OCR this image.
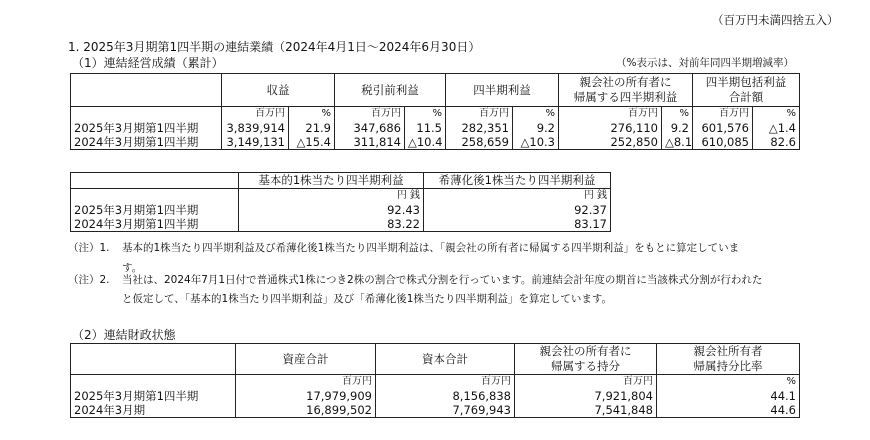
（百万円未満四捨五入）
1. 2025年3月期第1四半期の連結業績（2024年4月1日～2024年6月30日）
（1）連結経営成績（累計）	（%表示は、対前年同四半期増減率）
	収益		税引前利益		四半期利益		親会社の所有者に
帰属する四半期利益		四半期包括利益
合計額	
	百万円	%	百万円	%	百万円	%	百万円	%	百万円	%
2025年3月期第1四半期	3,839,914	21.9	347,686	11.5	282,351	9.2	276,110	9.2	601,576	△1.4
2024年3月期第1四半期	3,149,131	△15.4	311,814	△10.4	258,659	△10.3	252,850	△8.1	610,085	82.6
	基本的1株当たり四半期利益	希薄化後1株当たり四半期利益
	円 銭	円 銭
2025年3月期第1四半期	92.43	92.37
2024年3月期第1四半期	83.22	83.17
（注）1. 基本的1株当たり四半期利益及び希薄化後1株当たり四半期利益は、「親会社の所有者に帰属する四半期利益」をもとに算定していま
す。
（注）2. 当社は、2024年7月1日付で普通株式1株につき2株の割合で株式分割を行っています。前連結会計年度の期首に当該株式分割が行われた
と仮定して、「基本的1株当たり四半期利益」及び「希薄化後1株当たり四半期利益」を算定しています。
（2）連結財政状態
	資産合計	資本合計	親会社の所有者に
帰属する持分	親会社所有者
帰属持分比率
	百万円	百万円	百万円	%
2025年3月期第1四半期	17,979,909	8,156,838	7,921,804	44.1
2024年3月期	16,899,502	7,769,943	7,541,848	44.6
